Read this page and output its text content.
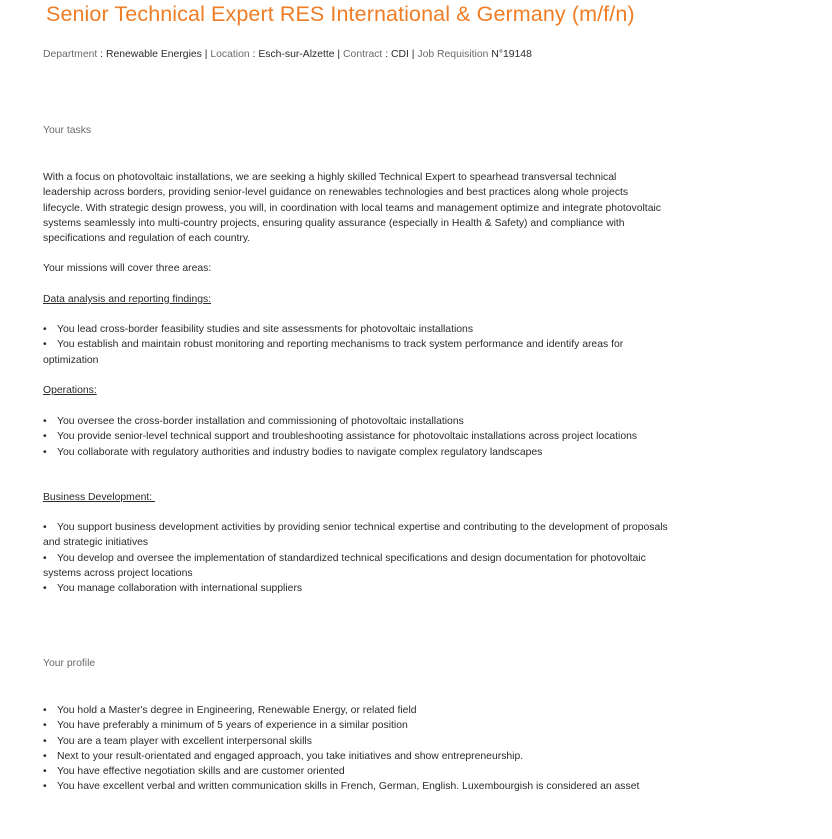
Senior Technical Expert RES International & Germany (m/f/n)
Department : Renewable Energies | Location : Esch-sur-Alzette | Contract : CDI | Job Requisition N°19148
Your tasks

With a focus on photovoltaic installations, we are seeking a highly skilled Technical Expert to spearhead transversal technical leadership across borders, providing senior-level guidance on renewables technologies and best practices along whole projects lifecycle. With strategic design prowess, you will, in coordination with local teams and management optimize and integrate photovoltaic systems seamlessly into multi-country projects, ensuring quality assurance (especially in Health & Safety) and compliance with specifications and regulation of each country.

Your missions will cover three areas:

Data analysis and reporting findings:

• You lead cross-border feasibility studies and site assessments for photovoltaic installations
• You establish and maintain robust monitoring and reporting mechanisms to track system performance and identify areas for optimization

Operations:

• You oversee the cross-border installation and commissioning of photovoltaic installations
• You provide senior-level technical support and troubleshooting assistance for photovoltaic installations across project locations
• You collaborate with regulatory authorities and industry bodies to navigate complex regulatory landscapes

Business Development:

• You support business development activities by providing senior technical expertise and contributing to the development of proposals and strategic initiatives
• You develop and oversee the implementation of standardized technical specifications and design documentation for photovoltaic systems across project locations
• You manage collaboration with international suppliers
Your profile
• You hold a Master's degree in Engineering, Renewable Energy, or related field
• You have preferably a minimum of 5 years of experience in a similar position
• You are a team player with excellent interpersonal skills
• Next to your result-orientated and engaged approach, you take initiatives and show entrepreneurship.
• You have effective negotiation skills and are customer oriented
• You have excellent verbal and written communication skills in French, German, English. Luxembourgish is considered an asset
